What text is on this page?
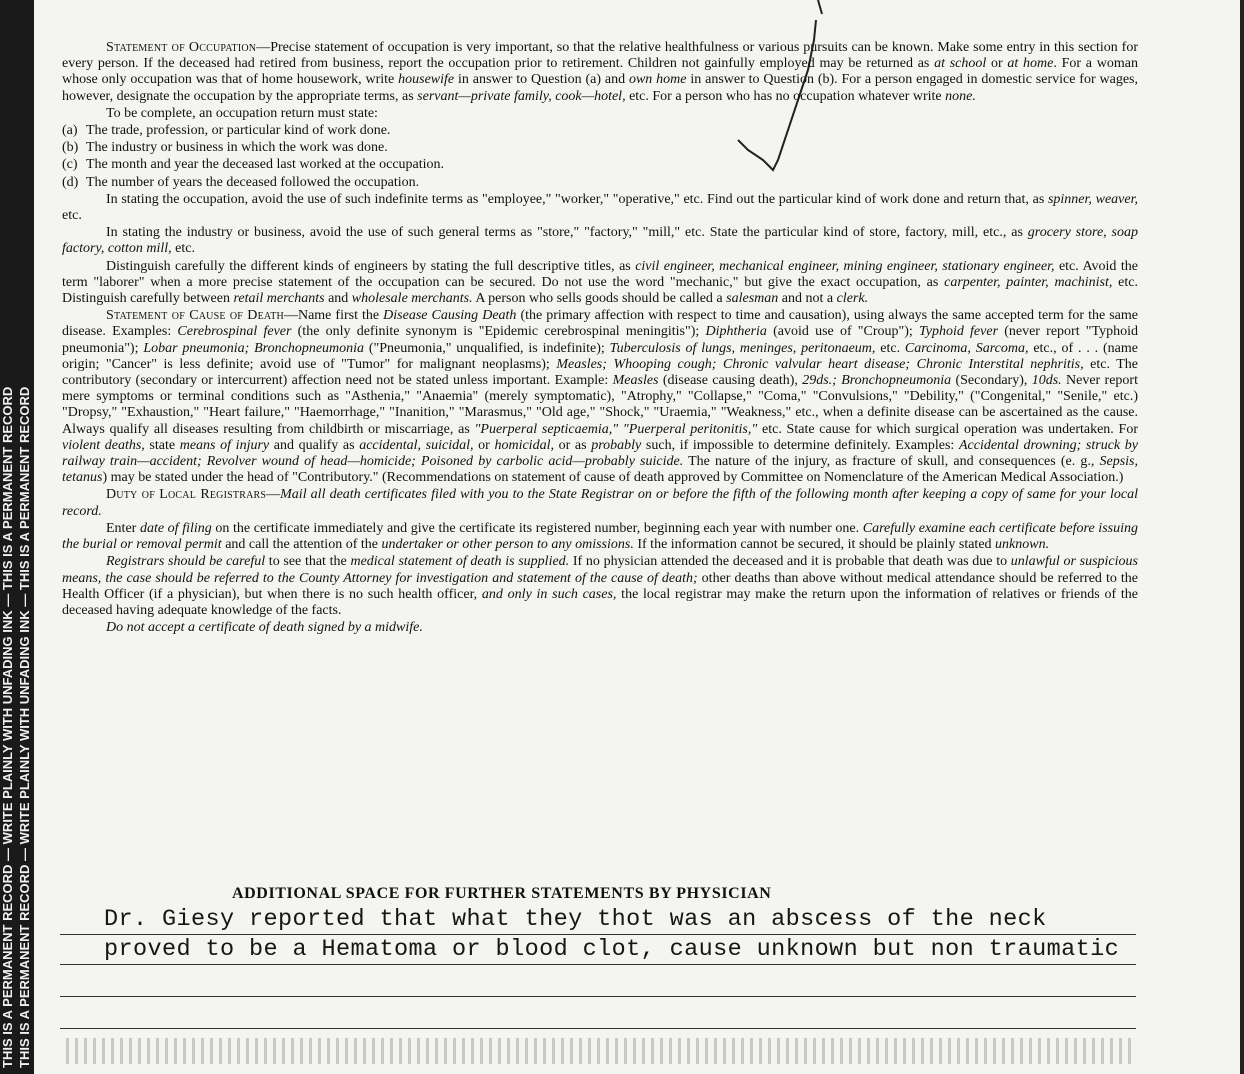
THIS IS A PERMANENT RECORD — WRITE PLAINLY WITH UNFADING INK — THIS IS A PERMANENT RECORD THIS IS A PERMANENT RECORD — WRITE PLAINLY WITH UNFADING INK — THIS IS A PERMANENT RECORD

Statement of Occupation—Precise statement of occupation is very important, so that the relative healthfulness or various pursuits can be known. Make some entry in this section for every person. If the deceased had retired from business, report the occupation prior to retirement. Children not gainfully employed may be returned as at school or at home. For a woman whose only occupation was that of home housework, write housewife in answer to Question (a) and own home in answer to Question (b). For a person engaged in domestic service for wages, however, designate the occupation by the appropriate terms, as servant—private family, cook—hotel, etc. For a person who has no occupation whatever write none.

To be complete, an occupation return must state:

(a) The trade, profession, or particular kind of work done.

(b) The industry or business in which the work was done.

(c) The month and year the deceased last worked at the occupation.

(d) The number of years the deceased followed the occupation.

In stating the occupation, avoid the use of such indefinite terms as "employee," "worker," "operative," etc. Find out the particular kind of work done and return that, as spinner, weaver, etc.

In stating the industry or business, avoid the use of such general terms as "store," "factory," "mill," etc. State the particular kind of store, factory, mill, etc., as grocery store, soap factory, cotton mill, etc.

Distinguish carefully the different kinds of engineers by stating the full descriptive titles, as civil engineer, mechanical engineer, mining engineer, stationary engineer, etc. Avoid the term "laborer" when a more precise statement of the occupation can be secured. Do not use the word "mechanic," but give the exact occupation, as carpenter, painter, machinist, etc. Distinguish carefully between retail merchants and wholesale merchants. A person who sells goods should be called a salesman and not a clerk.

Statement of Cause of Death—Name first the Disease Causing Death (the primary affection with respect to time and causation), using always the same accepted term for the same disease. Examples: Cerebrospinal fever (the only definite synonym is "Epidemic cerebrospinal meningitis"); Diphtheria (avoid use of "Croup"); Typhoid fever (never report "Typhoid pneumonia"); Lobar pneumonia; Bronchopneumonia ("Pneumonia," unqualified, is indefinite); Tuberculosis of lungs, meninges, peritonaeum, etc. Carcinoma, Sarcoma, etc., of . . . (name origin; "Cancer" is less definite; avoid use of "Tumor" for malignant neoplasms); Measles; Whooping cough; Chronic valvular heart disease; Chronic Interstital nephritis, etc. The contributory (secondary or intercurrent) affection need not be stated unless important. Example: Measles (disease causing death), 29ds.; Bronchopneumonia (Secondary), 10ds. Never report mere symptoms or terminal conditions such as "Asthenia," "Anaemia" (merely symptomatic), "Atrophy," "Collapse," "Coma," "Convulsions," "Debility," ("Congenital," "Senile," etc.) "Dropsy," "Exhaustion," "Heart failure," "Haemorrhage," "Inanition," "Marasmus," "Old age," "Shock," "Uraemia," "Weakness," etc., when a definite disease can be ascertained as the cause. Always qualify all diseases resulting from childbirth or miscarriage, as "Puerperal septicaemia," "Puerperal peritonitis," etc. State cause for which surgical operation was undertaken. For violent deaths, state means of injury and qualify as accidental, suicidal, or homicidal, or as probably such, if impossible to determine definitely. Examples: Accidental drowning; struck by railway train—accident; Revolver wound of head—homicide; Poisoned by carbolic acid—probably suicide. The nature of the injury, as fracture of skull, and consequences (e. g., Sepsis, tetanus) may be stated under the head of "Contributory." (Recommendations on statement of cause of death approved by Committee on Nomenclature of the American Medical Association.)

Duty of Local Registrars—Mail all death certificates filed with you to the State Registrar on or before the fifth of the following month after keeping a copy of same for your local record.

Enter date of filing on the certificate immediately and give the certificate its registered number, beginning each year with number one. Carefully examine each certificate before issuing the burial or removal permit and call the attention of the undertaker or other person to any omissions. If the information cannot be secured, it should be plainly stated unknown.

Registrars should be careful to see that the medical statement of death is supplied. If no physician attended the deceased and it is probable that death was due to unlawful or suspicious means, the case should be referred to the County Attorney for investigation and statement of the cause of death; other deaths than above without medical attendance should be referred to the Health Officer (if a physician), but when there is no such health officer, and only in such cases, the local registrar may make the return upon the information of relatives or friends of the deceased having adequate knowledge of the facts.

Do not accept a certificate of death signed by a midwife.

ADDITIONAL SPACE FOR FURTHER STATEMENTS BY PHYSICIAN
Dr. Giesy reported that what they thot was an abscess of the neck
proved to be a Hematoma or blood clot, cause unknown but non traumatic
